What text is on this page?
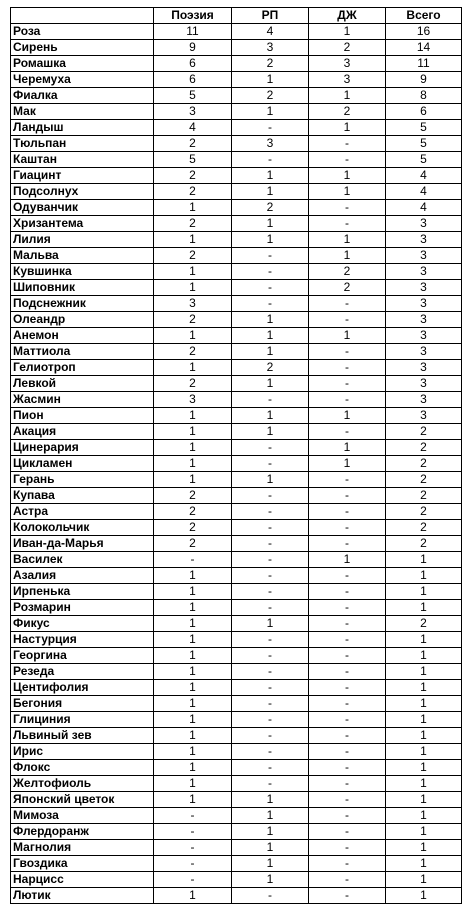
	Поэзия	РП	ДЖ	Всего
Роза	11	4	1	16
Сирень	9	3	2	14
Ромашка	6	2	3	11
Черемуха	6	1	3	9
Фиалка	5	2	1	8
Мак	3	1	2	6
Ландыш	4	-	1	5
Тюльпан	2	3	-	5
Каштан	5	-	-	5
Гиацинт	2	1	1	4
Подсолнух	2	1	1	4
Одуванчик	1	2	-	4
Хризантема	2	1	-	3
Лилия	1	1	1	3
Мальва	2	-	1	3
Кувшинка	1	-	2	3
Шиповник	1	-	2	3
Подснежник	3	-	-	3
Олеандр	2	1	-	3
Анемон	1	1	1	3
Маттиола	2	1	-	3
Гелиотроп	1	2	-	3
Левкой	2	1	-	3
Жасмин	3	-	-	3
Пион	1	1	1	3
Акация	1	1	-	2
Цинерария	1	-	1	2
Цикламен	1	-	1	2
Герань	1	1	-	2
Купава	2	-	-	2
Астра	2	-	-	2
Колокольчик	2	-	-	2
Иван-да-Марья	2	-	-	2
Василек	-	-	1	1
Азалия	1	-	-	1
Ирпенька	1	-	-	1
Розмарин	1	-	-	1
Фикус	1	1	-	2
Настурция	1	-	-	1
Георгина	1	-	-	1
Резеда	1	-	-	1
Центифолия	1	-	-	1
Бегония	1	-	-	1
Глициния	1	-	-	1
Львиный зев	1	-	-	1
Ирис	1	-	-	1
Флокс	1	-	-	1
Желтофиоль	1	-	-	1
Японский цветок	1	1	-	1
Мимоза	-	1	-	1
Флердоранж	-	1	-	1
Магнолия	-	1	-	1
Гвоздика	-	1	-	1
Нарцисс	-	1	-	1
Лютик	1	-	-	1
